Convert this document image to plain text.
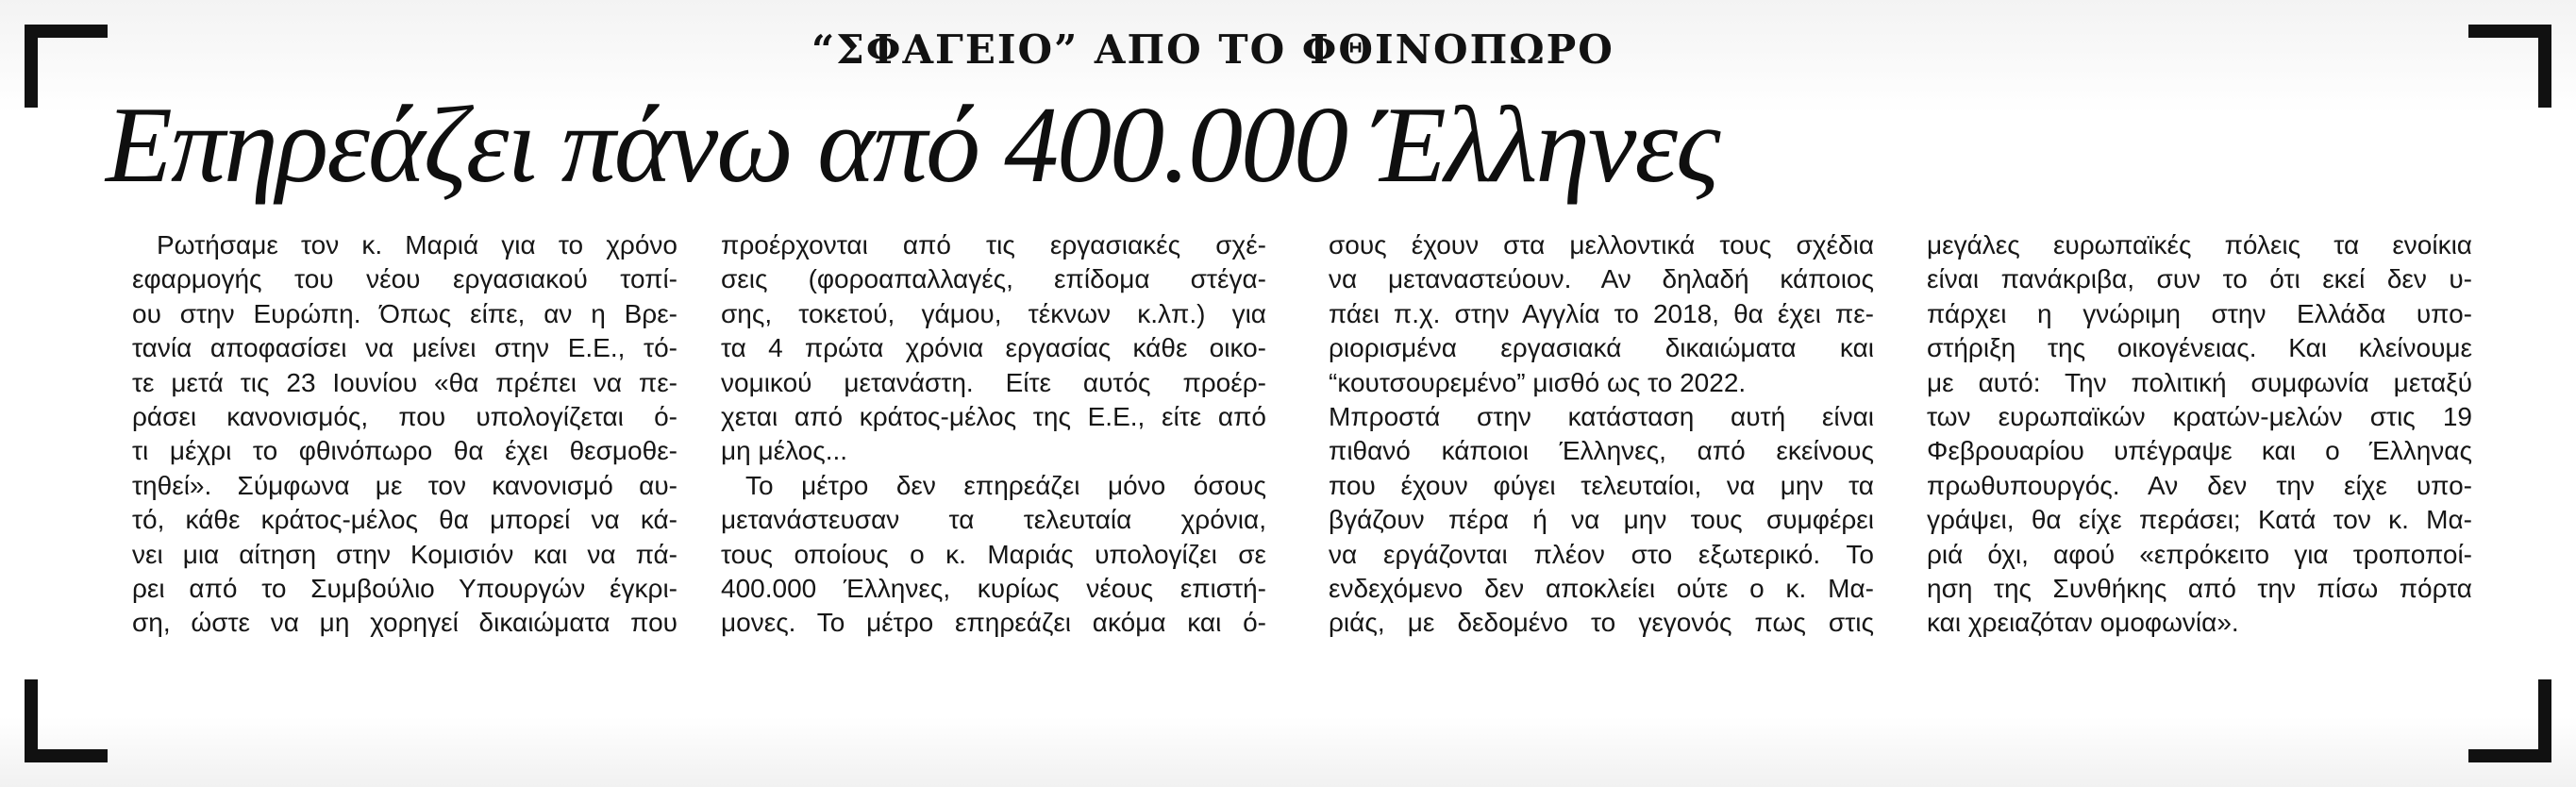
“ΣΦΑΓΕΙΟ” ΑΠΟ ΤΟ ΦΘΙΝΟΠΩΡΟ
Επηρεάζει πάνω από 400.000 Έλληνες
Ρωτήσαμε τον κ. Μαριά για το χρόνο
εφαρμογής του νέου εργασιακού τοπί-
ου στην Ευρώπη. Όπως είπε, αν η Βρε-
τανία αποφασίσει να μείνει στην Ε.Ε., τό-
τε μετά τις 23 Ιουνίου «θα πρέπει να πε-
ράσει κανονισμός, που υπολογίζεται ό-
τι μέχρι το φθινόπωρο θα έχει θεσμοθε-
τηθεί». Σύμφωνα με τον κανονισμό αυ-
τό, κάθε κράτος-μέλος θα μπορεί να κά-
νει μια αίτηση στην Κομισιόν και να πά-
ρει από το Συμβούλιο Υπουργών έγκρι-
ση, ώστε να μη χορηγεί δικαιώματα που
προέρχονται από τις εργασιακές σχέ-
σεις (φοροαπαλλαγές, επίδομα στέγα-
σης, τοκετού, γάμου, τέκνων κ.λπ.) για
τα 4 πρώτα χρόνια εργασίας κάθε οικο-
νομικού μετανάστη. Είτε αυτός προέρ-
χεται από κράτος-μέλος της Ε.Ε., είτε από
μη μέλος...
Το μέτρο δεν επηρεάζει μόνο όσους
μετανάστευσαν τα τελευταία χρόνια,
τους οποίους ο κ. Μαριάς υπολογίζει σε
400.000 Έλληνες, κυρίως νέους επιστή-
μονες. Το μέτρο επηρεάζει ακόμα και ό-
σους έχουν στα μελλοντικά τους σχέδια
να μεταναστεύουν. Αν δηλαδή κάποιος
πάει π.χ. στην Αγγλία το 2018, θα έχει πε-
ριορισμένα εργασιακά δικαιώματα και
“κουτσουρεμένο” μισθό ως το 2022.
Μπροστά στην κατάσταση αυτή είναι
πιθανό κάποιοι Έλληνες, από εκείνους
που έχουν φύγει τελευταίοι, να μην τα
βγάζουν πέρα ή να μην τους συμφέρει
να εργάζονται πλέον στο εξωτερικό. Το
ενδεχόμενο δεν αποκλείει ούτε ο κ. Μα-
ριάς, με δεδομένο το γεγονός πως στις
μεγάλες ευρωπαϊκές πόλεις τα ενοίκια
είναι πανάκριβα, συν το ότι εκεί δεν υ-
πάρχει η γνώριμη στην Ελλάδα υπο-
στήριξη της οικογένειας. Και κλείνουμε
με αυτό: Την πολιτική συμφωνία μεταξύ
των ευρωπαϊκών κρατών-μελών στις 19
Φεβρουαρίου υπέγραψε και ο Έλληνας
πρωθυπουργός. Αν δεν την είχε υπο-
γράψει, θα είχε περάσει; Κατά τον κ. Μα-
ριά όχι, αφού «επρόκειτο για τροποποί-
ηση της Συνθήκης από την πίσω πόρτα
και χρειαζόταν ομοφωνία».
